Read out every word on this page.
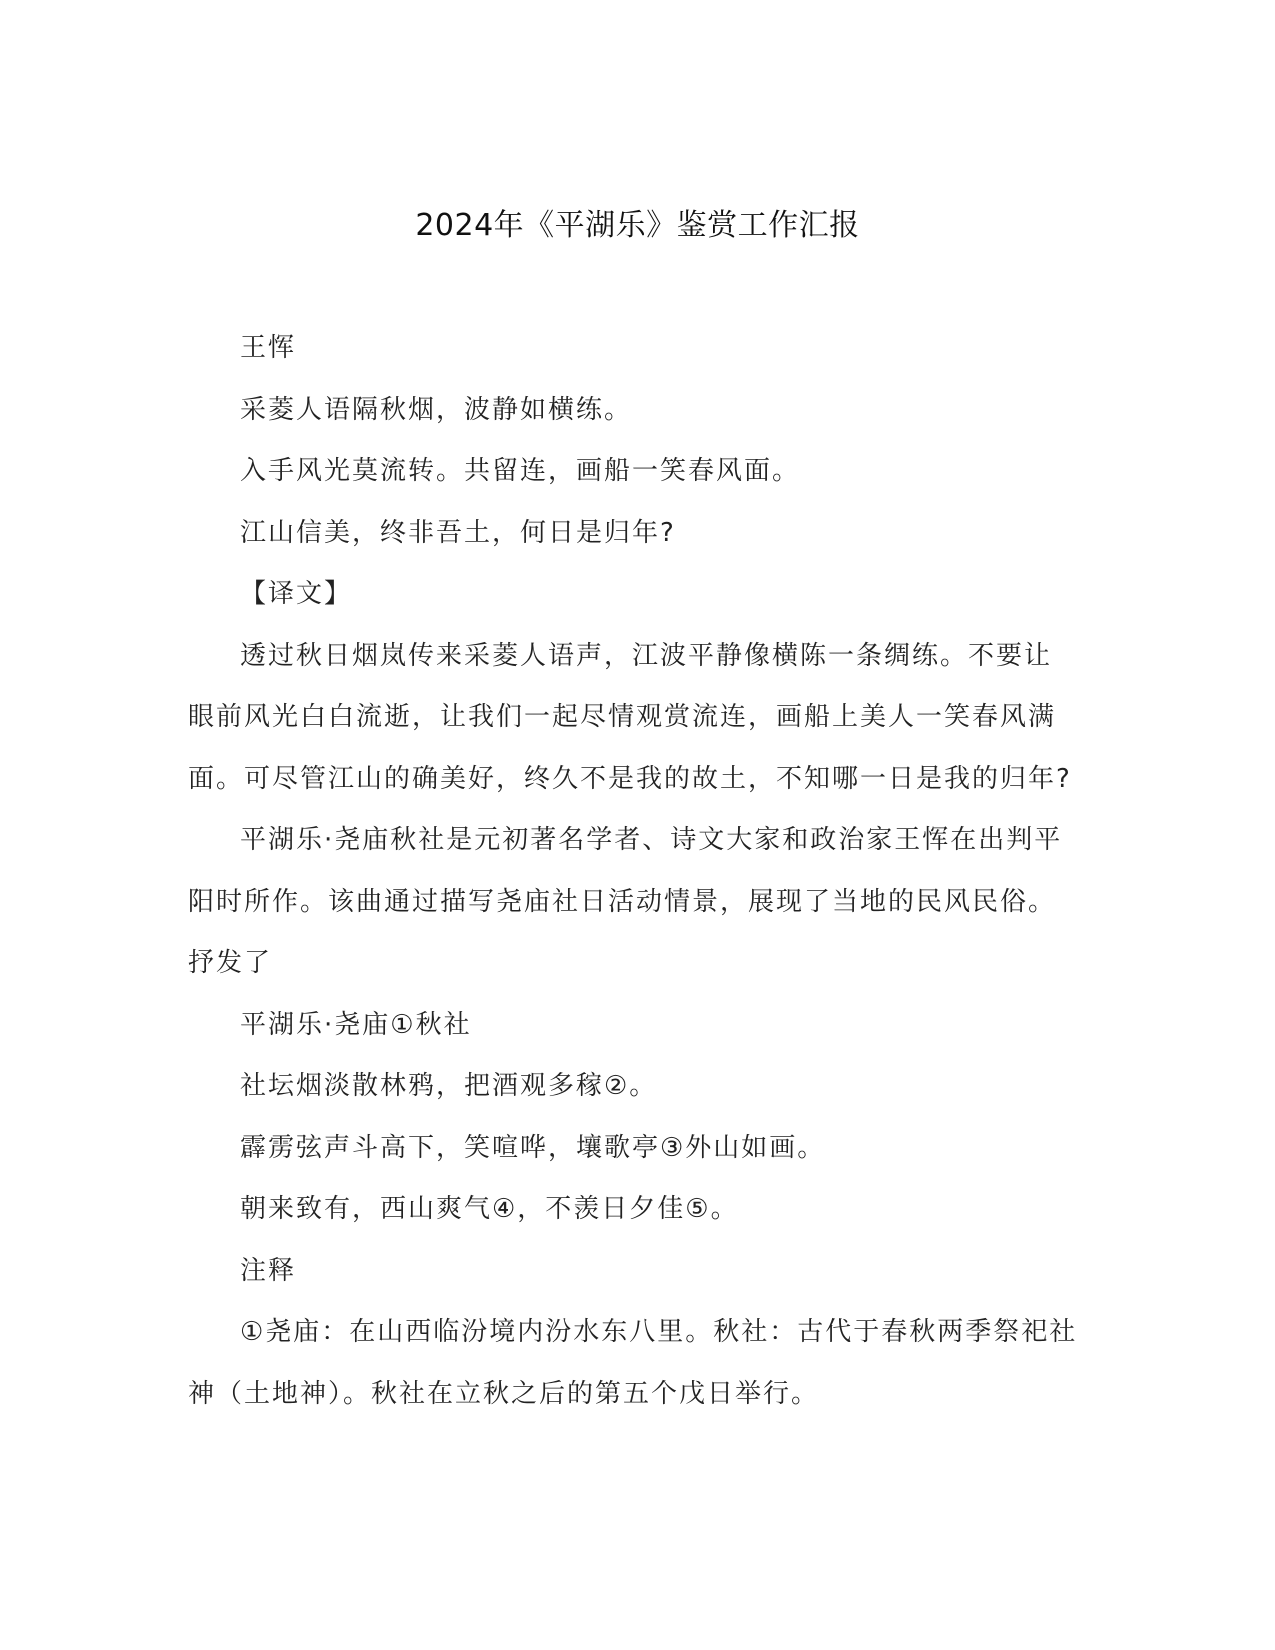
2024年《平湖乐》鉴赏工作汇报

王恽

采菱人语隔秋烟，波静如横练。

入手风光莫流转。共留连，画船一笑春风面。

江山信美，终非吾土，何日是归年?

【译文】

透过秋日烟岚传来采菱人语声，江波平静像横陈一条绸练。不要让眼前风光白白流逝，让我们一起尽情观赏流连，画船上美人一笑春风满面。可尽管江山的确美好，终久不是我的故土，不知哪一日是我的归年?

平湖乐·尧庙秋社是元初著名学者、诗文大家和政治家王恽在出判平阳时所作。该曲通过描写尧庙社日活动情景，展现了当地的民风民俗。抒发了

平湖乐·尧庙①秋社

社坛烟淡散林鸦，把酒观多稼②。

霹雳弦声斗高下，笑喧哗，壤歌亭③外山如画。

朝来致有，西山爽气④，不羡日夕佳⑤。

注释

①尧庙：在山西临汾境内汾水东八里。秋社：古代于春秋两季祭祀社神（土地神）。秋社在立秋之后的第五个戊日举行。
